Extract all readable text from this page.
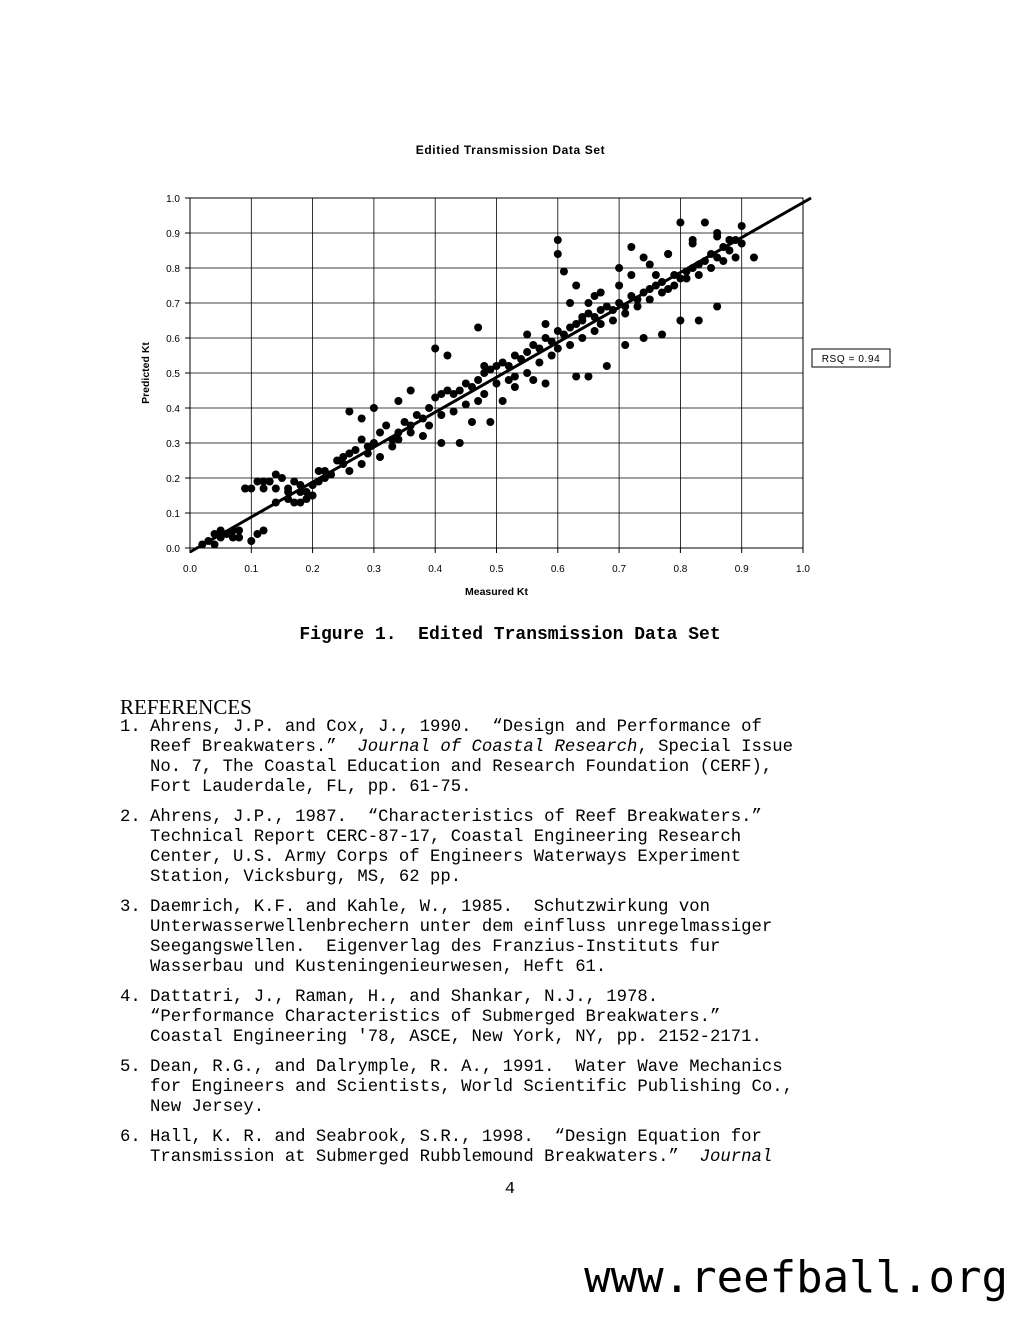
0.0	0.1	0.2	0.3	0.4	0.5	0.6	0.7	0.8	0.9	1.0
0.0
0.1
0.2
0.3
0.4
0.5
0.6
0.7
0.8
0.9
1.0
Editied Transmission Data Set
Measured Kt
Predicted Kt	RSQ = 0.94
Figure 1.  Edited Transmission Data Set
REFERENCES
1. Ahrens, J.P. and Cox, J., 1990.  “Design and Performance of
Reef Breakwaters.”  Journal of Coastal Research, Special Issue
No. 7, The Coastal Education and Research Foundation (CERF),
Fort Lauderdale, FL, pp. 61-75.
2. Ahrens, J.P., 1987.  “Characteristics of Reef Breakwaters.”
Technical Report CERC-87-17, Coastal Engineering Research
Center, U.S. Army Corps of Engineers Waterways Experiment
Station, Vicksburg, MS, 62 pp.
3. Daemrich, K.F. and Kahle, W., 1985.  Schutzwirkung von
Unterwasserwellenbrechern unter dem einfluss unregelmassiger
Seegangswellen.  Eigenverlag des Franzius-Instituts fur
Wasserbau und Kusteningenieurwesen, Heft 61.
4. Dattatri, J., Raman, H., and Shankar, N.J., 1978.
“Performance Characteristics of Submerged Breakwaters.”
Coastal Engineering '78, ASCE, New York, NY, pp. 2152-2171.
5. Dean, R.G., and Dalrymple, R. A., 1991.  Water Wave Mechanics
for Engineers and Scientists, World Scientific Publishing Co.,
New Jersey.
6. Hall, K. R. and Seabrook, S.R., 1998.  “Design Equation for
Transmission at Submerged Rubblemound Breakwaters.”  Journal
4
www.reefball.org
